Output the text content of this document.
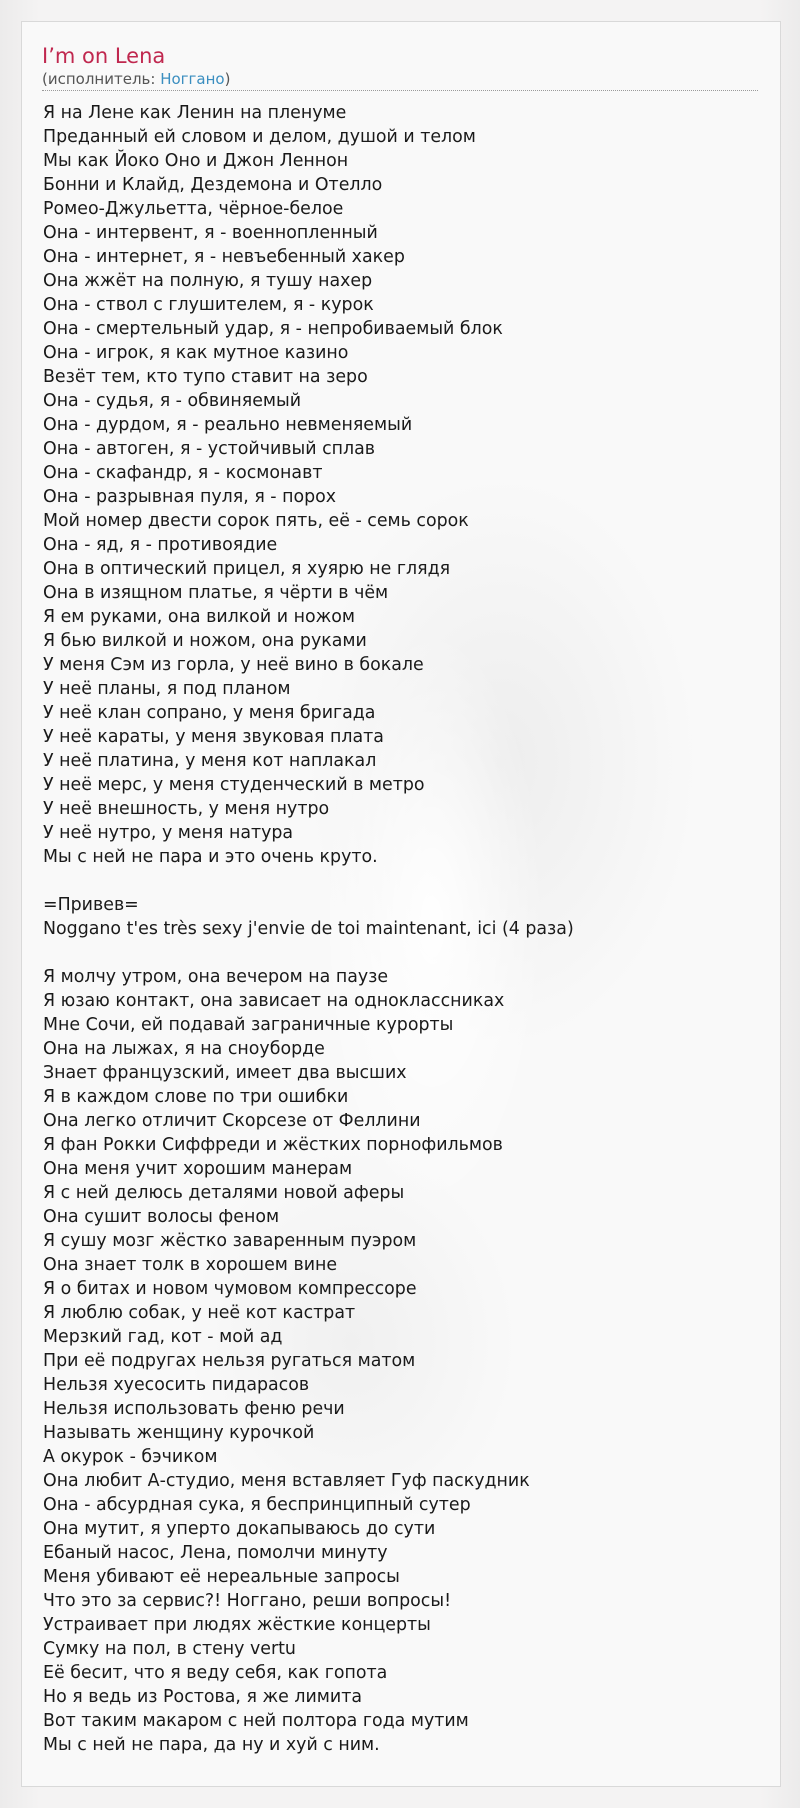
I’m on Lena
(исполнитель: Ноггано)
Я на Лене как Ленин на пленуме
Преданный ей словом и делом, душой и телом
Мы как Йоко Оно и Джон Леннон
Бонни и Клайд, Дездемона и Отелло
Ромео-Джульетта, чёрное-белое
Она - интервент, я - военнопленный
Она - интернет, я - невъебенный хакер
Она жжёт на полную, я тушу нахер
Она - ствол с глушителем, я - курок
Она - смертельный удар, я - непробиваемый блок
Она - игрок, я как мутное казино
Везёт тем, кто тупо ставит на зеро
Она - судья, я - обвиняемый
Она - дурдом, я - реально невменяемый
Она - автоген, я - устойчивый сплав
Она - скафандр, я - космонавт
Она - разрывная пуля, я - порох
Мой номер двести сорок пять, её - семь сорок
Она - яд, я - противоядие
Она в оптический прицел, я хуярю не глядя
Она в изящном платье, я чёрти в чём
Я ем руками, она вилкой и ножом
Я бью вилкой и ножом, она руками
У меня Сэм из горла, у неё вино в бокале
У неё планы, я под планом
У неё клан сопрано, у меня бригада
У неё караты, у меня звуковая плата
У неё платина, у меня кот наплакал
У неё мерс, у меня студенческий в метро
У неё внешность, у меня нутро
У неё нутро, у меня натура
Мы с ней не пара и это очень круто.
=Привев=
Noggano t'es très sexy j'envie de toi maintenant, ici (4 раза)
Я молчу утром, она вечером на паузе
Я юзаю контакт, она зависает на одноклассниках
Мне Сочи, ей подавай заграничные курорты
Она на лыжах, я на сноуборде
Знает французский, имеет два высших
Я в каждом слове по три ошибки
Она легко отличит Скорсезе от Феллини
Я фан Рокки Сиффреди и жёстких порнофильмов
Она меня учит хорошим манерам
Я с ней делюсь деталями новой аферы
Она сушит волосы феном
Я сушу мозг жёстко заваренным пуэром
Она знает толк в хорошем вине
Я о битах и новом чумовом компрессоре
Я люблю собак, у неё кот кастрат
Мерзкий гад, кот - мой ад
При её подругах нельзя ругаться матом
Нельзя хуесосить пидарасов
Нельзя использовать феню речи
Называть женщину курочкой
А окурок - бэчиком
Она любит А-студио, меня вставляет Гуф паскудник
Она - абсурдная сука, я беспринципный сутер
Она мутит, я уперто докапываюсь до сути
Ебаный насос, Лена, помолчи минуту
Меня убивают её нереальные запросы
Что это за сервис?! Ноггано, реши вопросы!
Устраивает при людях жёсткие концерты
Сумку на пол, в стену vertu
Её бесит, что я веду себя, как гопота
Но я ведь из Ростова, я же лимита
Вот таким макаром с ней полтора года мутим
Мы с ней не пара, да ну и хуй с ним.
